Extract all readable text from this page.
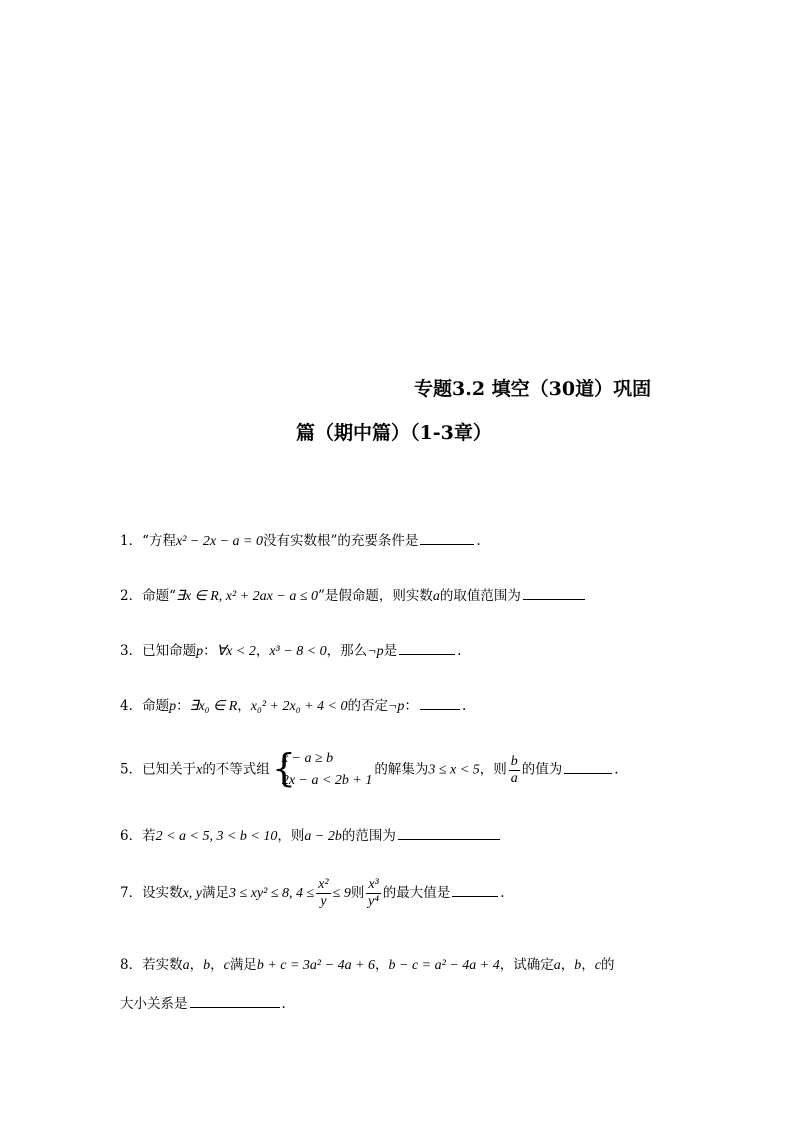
专题3.2 填空（30道）巩固
篇（期中篇）（1-3章）
1．“方程x² − 2x − a = 0没有实数根”的充要条件是	.
2．命题“∃x ∈ R, x² + 2ax − a ≤ 0”是假命题，则实数a的取值范围为
3．已知命题p：∀x < 2，x³ − 8 < 0，那么¬p是	.
4．命题p：∃x₀ ∈ R，x₀² + 2x₀ + 4 < 0的否定¬p：	.
5．已知关于x的不等式组 {
x − a ≥ b
2x − a < 2b + 1
的解集为3 ≤ x < 5，则 $\frac{b}{a}$ 的值为	.
6．若2 < a < 5, 3 < b < 10，则a − 2b的范围为
7．设实数x, y满足3 ≤ xy² ≤ 8, $4 \le \frac{\text{x²}}{y} \le 9$则 $\frac{\text{x³}}{\text{y⁴}}$ 的最大值是	.
8．若实数a，b，c满足b + c = 3a² − 4a + 6，b − c = a² − 4a + 4，试确定a，b，c的
大小关系是	.
